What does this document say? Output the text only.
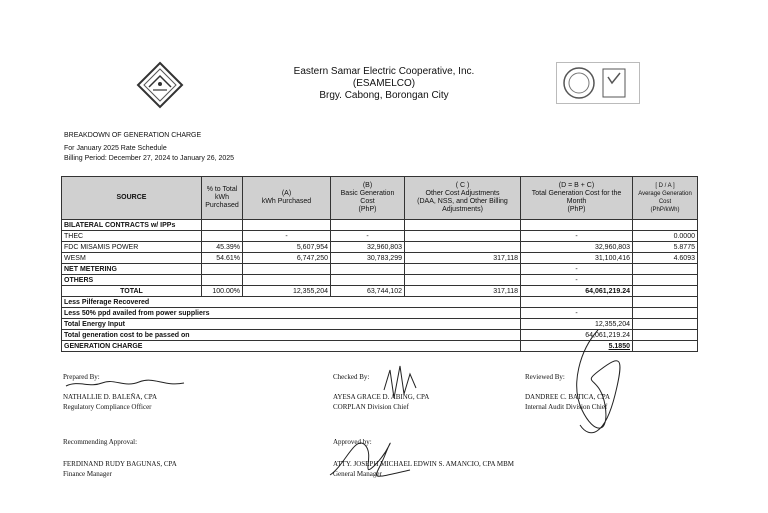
Eastern Samar Electric Cooperative, Inc.
(ESAMELCO)
Brgy. Cabong, Borongan City
BREAKDOWN OF GENERATION CHARGE
For January 2025 Rate Schedule
Billing Period: December 27, 2024 to January 26, 2025
SOURCE	% to Total kWh Purchased	(A)
kWh Purchased	(B)
Basic Generation Cost
(PhP)	( C )
Other Cost Adjustments
(DAA, NSS, and Other Billing Adjustments)	(D = B + C)
Total Generation Cost for the Month
(PhP)	[ D / A ]
Average Generation Cost
(PhP/kWh)
BILATERAL CONTRACTS w/ IPPs						
THEC		-	-		-	0.0000
FDC MISAMIS POWER	45.39%	5,607,954	32,960,803		32,960,803	5.8775
WESM	54.61%	6,747,250	30,783,299	317,118	31,100,416	4.6093
NET METERING					-	
OTHERS					-	
TOTAL	100.00%	12,355,204	63,744,102	317,118	64,061,219.24	
Less Pilferage Recovered						
Less 50% ppd availed from power suppliers					-	
Total Energy Input					12,355,204	
Total generation cost to be passed on					64,061,219.24	
GENERATION CHARGE					5.1850	
Prepared By:
NATHALLIE D. BALEÑA, CPA
Regulatory Compliance Officer
Checked By:
AYESA GRACE D. ABING, CPA
CORPLAN Division Chief
Reviewed By:
DANDREE C. BATICA, CPA
Internal Audit Division Chief
Recommending Approval:
FERDINAND RUDY BAGUNAS, CPA
Finance Manager
Approved by:
ATTY. JOSEPH MICHAEL EDWIN S. AMANCIO, CPA MBM
General Manager
